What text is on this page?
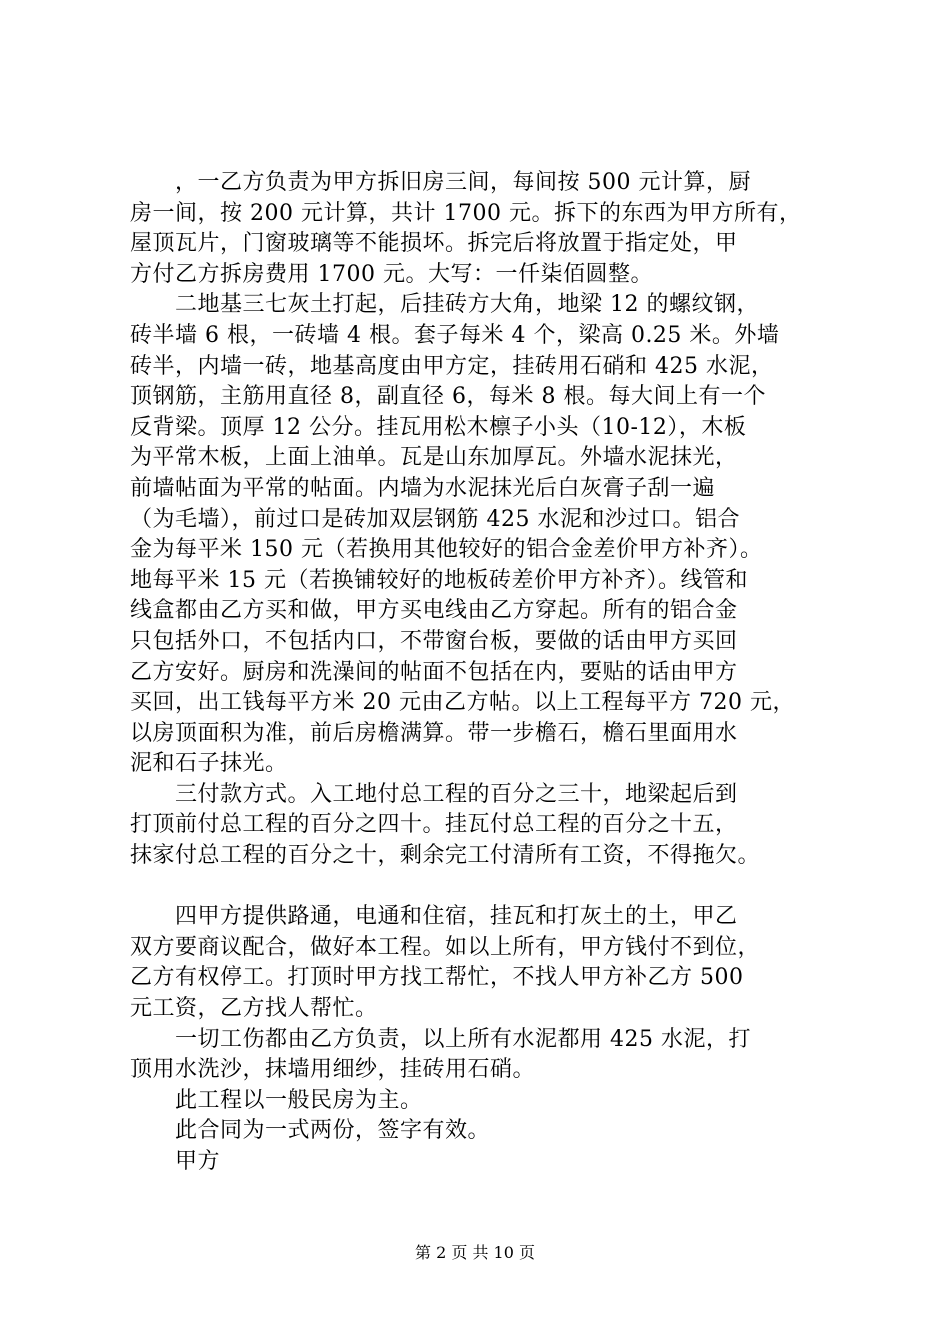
　　，一乙方负责为甲方拆旧房三间，每间按 500 元计算，厨
房一间，按 200 元计算，共计 1700 元。拆下的东西为甲方所有，
屋顶瓦片，门窗玻璃等不能损坏。拆完后将放置于指定处，甲
方付乙方拆房费用 1700 元。大写：一仟柒佰圆整。
　　二地基三七灰土打起，后挂砖方大角，地梁 12 的螺纹钢，
砖半墙 6 根，一砖墙 4 根。套子每米 4 个，梁高 0.25 米。外墙
砖半，内墙一砖，地基高度由甲方定，挂砖用石硝和 425 水泥，
顶钢筋，主筋用直径 8，副直径 6，每米 8 根。每大间上有一个
反背梁。顶厚 12 公分。挂瓦用松木檩子小头（10-12），木板
为平常木板，上面上油单。瓦是山东加厚瓦。外墙水泥抹光，
前墙帖面为平常的帖面。内墙为水泥抹光后白灰膏子刮一遍
（为毛墙），前过口是砖加双层钢筋 425 水泥和沙过口。铝合
金为每平米 150 元（若换用其他较好的铝合金差价甲方补齐）。
地每平米 15 元（若换铺较好的地板砖差价甲方补齐）。线管和
线盒都由乙方买和做，甲方买电线由乙方穿起。所有的铝合金
只包括外口，不包括内口，不带窗台板，要做的话由甲方买回
乙方安好。厨房和洗澡间的帖面不包括在内，要贴的话由甲方
买回，出工钱每平方米 20 元由乙方帖。以上工程每平方 720 元，
以房顶面积为准，前后房檐满算。带一步檐石，檐石里面用水
泥和石子抹光。
　　三付款方式。入工地付总工程的百分之三十，地梁起后到
打顶前付总工程的百分之四十。挂瓦付总工程的百分之十五，
抹家付总工程的百分之十，剩余完工付清所有工资，不得拖欠。
　　四甲方提供路通，电通和住宿，挂瓦和打灰土的土，甲乙
双方要商议配合，做好本工程。如以上所有，甲方钱付不到位，
乙方有权停工。打顶时甲方找工帮忙，不找人甲方补乙方 500
元工资，乙方找人帮忙。
　　一切工伤都由乙方负责，以上所有水泥都用 425 水泥，打
顶用水洗沙，抹墙用细纱，挂砖用石硝。
　　此工程以一般民房为主。
　　此合同为一式两份，签字有效。
　　甲方
第 2 页 共 10 页
